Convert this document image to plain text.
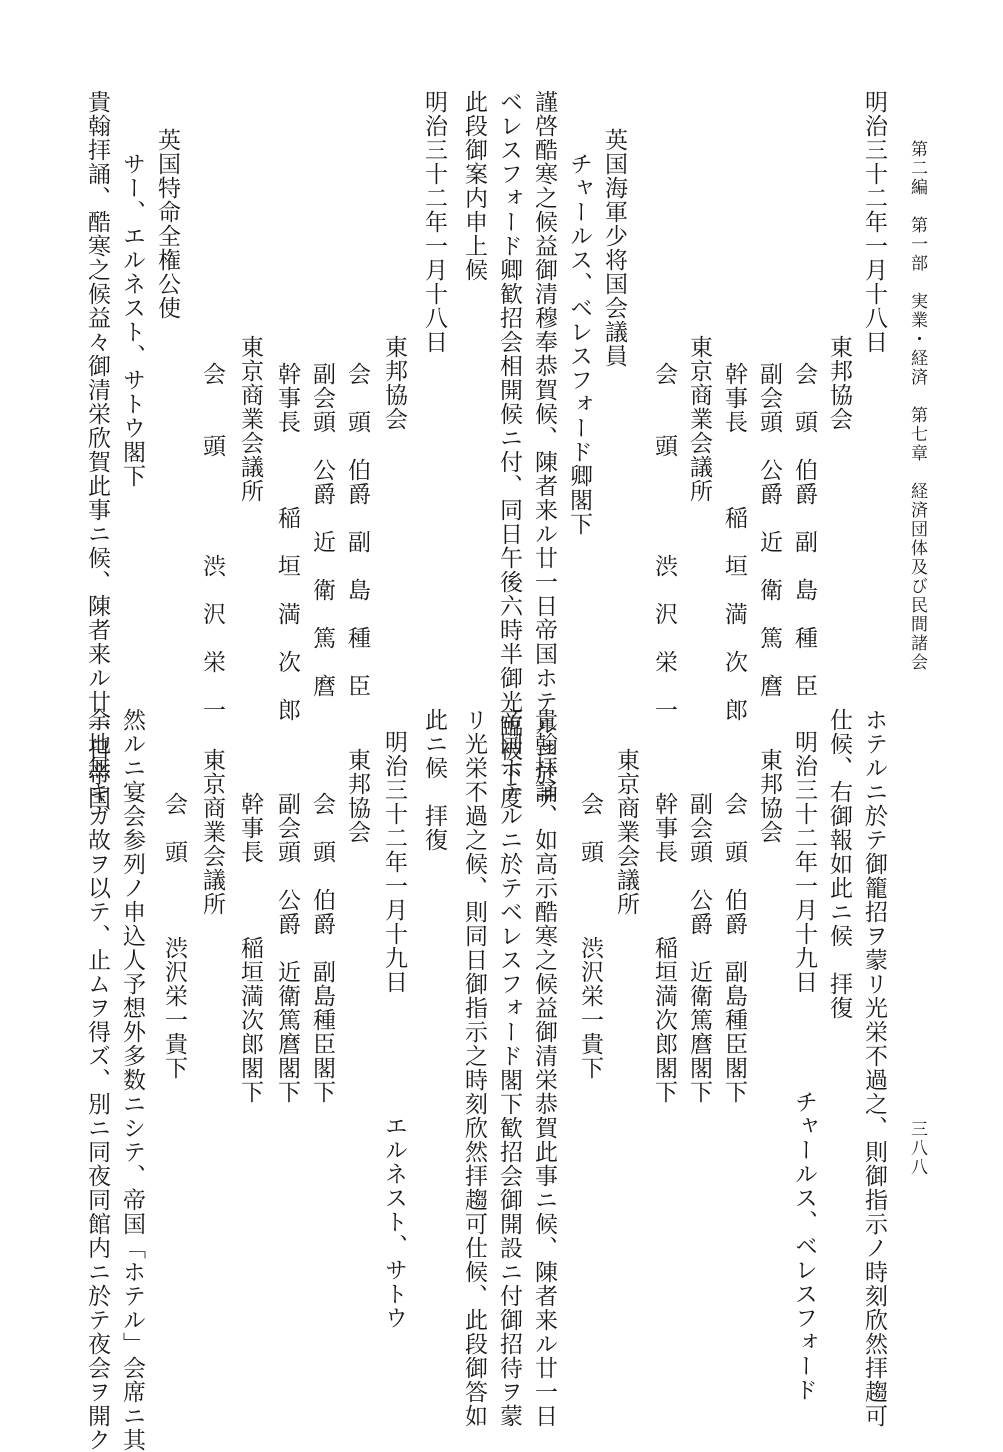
第二編　第一部　実業・経済　第七章　経済団体及び民間諸会
三八八
明治三十二年一月十八日
東邦協会
会　頭　伯爵　副　島　種　臣
副会頭　公爵　近　衛　篤　麿
幹事長　　　稲　垣　満　次　郎
東京商業会議所
会　　頭　　　　渋　沢　栄　一
英国海軍少将国会議員
チャールス、ベレスフォード卿閣下
謹啓酷寒之候益御清穆奉恭賀候、陳者来ル廿一日帝国ホテルニ於テ
ベレスフォード卿歓招会相開候ニ付、同日午後六時半御光臨被下度
此段御案内申上候
明治三十二年一月十八日
東邦協会
会　頭　伯爵　副　島　種　臣
副会頭　公爵　近　衛　篤　麿
幹事長　　　稲　垣　満　次　郎
東京商業会議所
会　　頭　　　　渋　沢　栄　一
英国特命全権公使
サー、エルネスト、サトウ閣下
貴翰拝誦、酷寒之候益々御清栄欣賀此事ニ候、陳者来ル廿一日帝国
ホテルニ於テ御籠招ヲ蒙リ光栄不過之、則御指示ノ時刻欣然拝趨可
仕候、右御報如此ニ候　拝復
明治三十二年一月十九日　　　　チャールス、ベレスフォード
東邦協会
会　頭　伯爵　副島種臣閣下
副会頭　公爵　近衛篤麿閣下
幹事長　　　稲垣満次郎閣下
東京商業会議所
会　頭　　　渋沢栄一貴下
貴翰拝誦、如高示酷寒之候益御清栄恭賀此事ニ候、陳者来ル廿一日
帝国ホテルニ於テベレスフォード閣下歓招会御開設ニ付御招待ヲ蒙
リ光栄不過之候、則同日御指示之時刻欣然拝趨可仕候、此段御答如
此ニ候　拝復
明治三十二年一月十九日　　　　　エルネスト、サトウ
東邦協会
会　頭　伯爵　副島種臣閣下
副会頭　公爵　近衛篤麿閣下
幹事長　　　稲垣満次郎閣下
東京商業会議所
会　頭　　　渋沢栄一貴下
然ルニ宴会参列ノ申込人予想外多数ニシテ、帝国「ホテル」会席ニ其
余地無キガ故ヲ以テ、止ムヲ得ズ、別ニ同夜同館内ニ於テ夜会ヲ開ク
